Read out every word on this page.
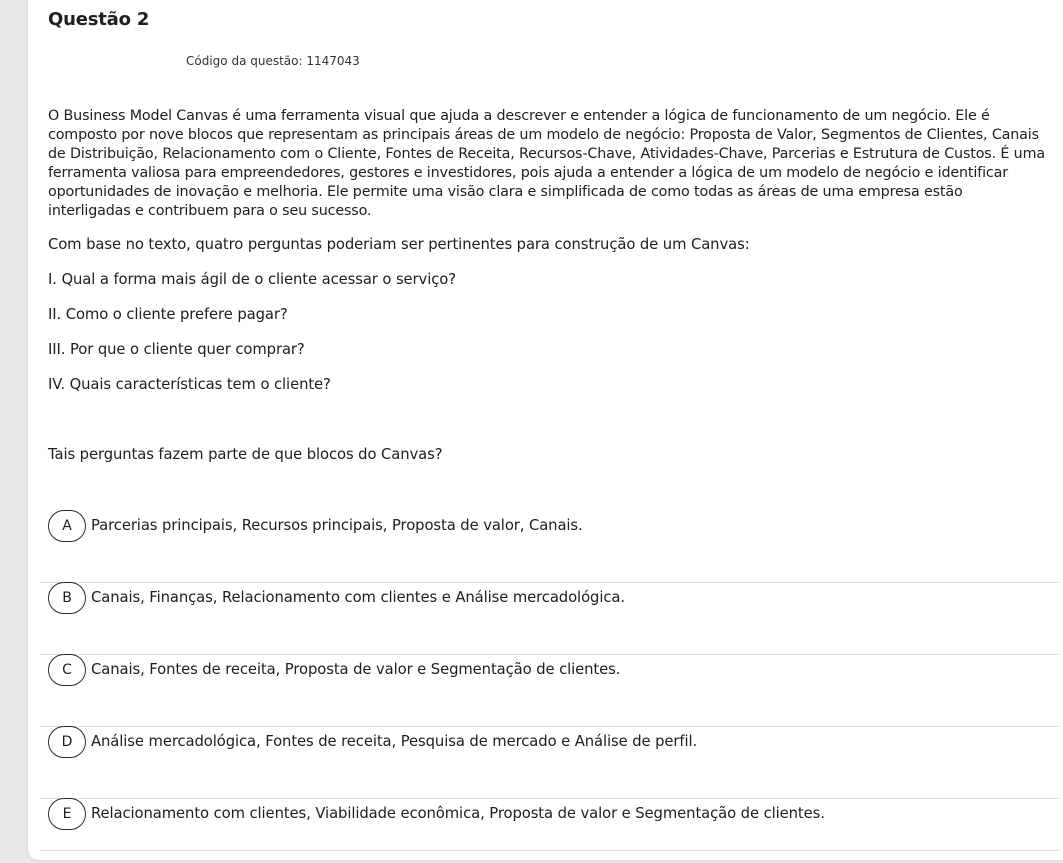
Questão 2
Código da questão: 1147043

O Business Model Canvas é uma ferramenta visual que ajuda a descrever e entender a lógica de funcionamento de um negócio. Ele é composto por nove blocos que representam as principais áreas de um modelo de negócio: Proposta de Valor, Segmentos de Clientes, Canais de Distribuição, Relacionamento com o Cliente, Fontes de Receita, Recursos-Chave, Atividades-Chave, Parcerias e Estrutura de Custos. É uma ferramenta valiosa para empreendedores, gestores e investidores, pois ajuda a entender a lógica de um modelo de negócio e identificar oportunidades de inovação e melhoria. Ele permite uma visão clara e simplificada de como todas as áreas de uma empresa estão interligadas e contribuem para o seu sucesso.

Com base no texto, quatro perguntas poderiam ser pertinentes para construção de um Canvas:

I. Qual a forma mais ágil de o cliente acessar o serviço?

II. Como o cliente prefere pagar?

III. Por que o cliente quer comprar?

IV. Quais características tem o cliente?

Tais perguntas fazem parte de que blocos do Canvas?

A	Parcerias principais, Recursos principais, Proposta de valor, Canais.
B	Canais, Finanças, Relacionamento com clientes e Análise mercadológica.
C	Canais, Fontes de receita, Proposta de valor e Segmentação de clientes.
D	Análise mercadológica, Fontes de receita, Pesquisa de mercado e Análise de perfil.
E	Relacionamento com clientes, Viabilidade econômica, Proposta de valor e Segmentação de clientes.
